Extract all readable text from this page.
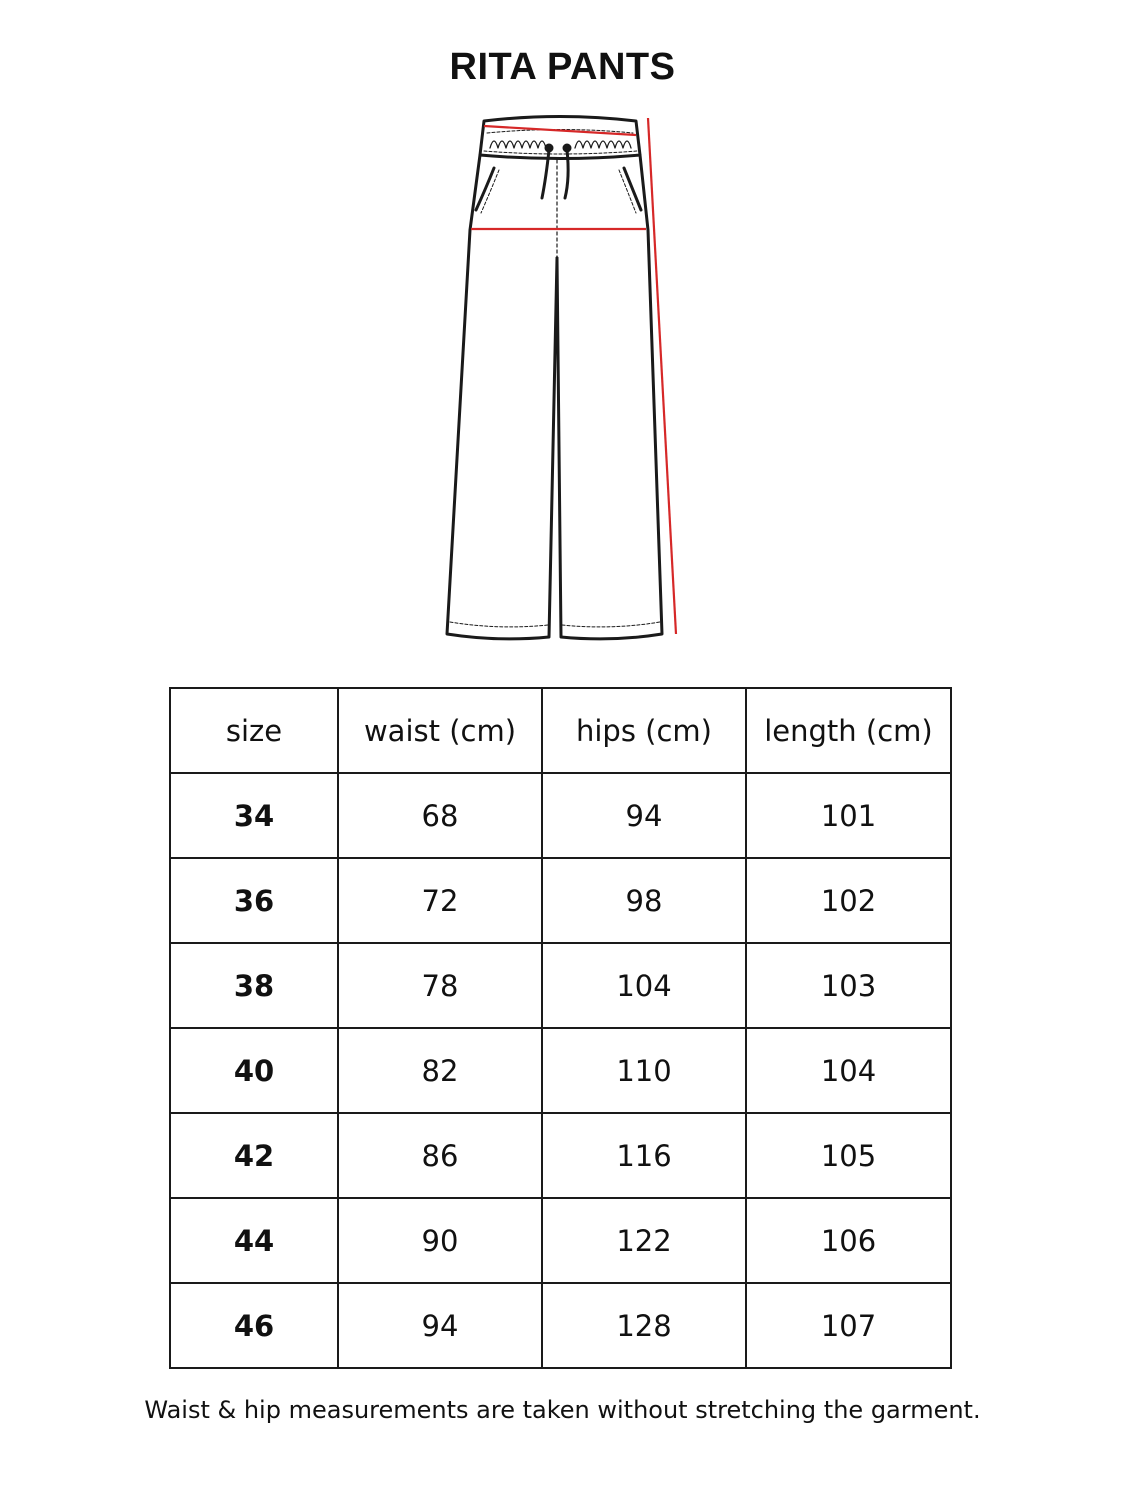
RITA PANTS
size	waist (cm)	hips (cm)	length (cm)
34	68	94	101
36	72	98	102
38	78	104	103
40	82	110	104
42	86	116	105
44	90	122	106
46	94	128	107
Waist & hip measurements are taken without stretching the garment.
